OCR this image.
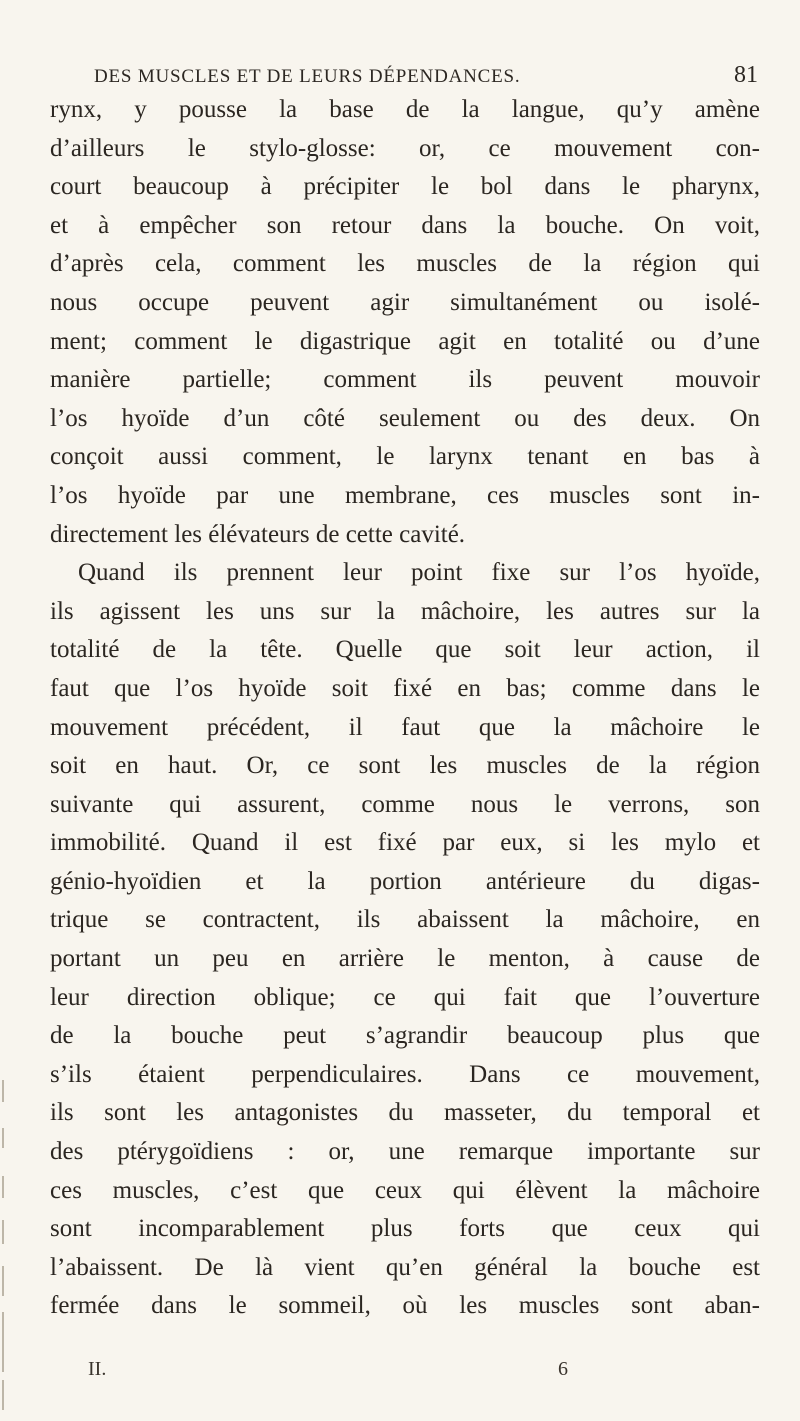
DES MUSCLES ET DE LEURS DÉPENDANCES.	81
rynx, y pousse la base de la langue, qu’y amène
d’ailleurs le stylo-glosse: or, ce mouvement con-
court beaucoup à précipiter le bol dans le pharynx,
et à empêcher son retour dans la bouche. On voit,
d’après cela, comment les muscles de la région qui
nous occupe peuvent agir simultanément ou isolé-
ment; comment le digastrique agit en totalité ou d’une
manière partielle; comment ils peuvent mouvoir
l’os hyoïde d’un côté seulement ou des deux. On
conçoit aussi comment, le larynx tenant en bas à
l’os hyoïde par une membrane, ces muscles sont in-
directement les élévateurs de cette cavité.
Quand ils prennent leur point fixe sur l’os hyoïde,
ils agissent les uns sur la mâchoire, les autres sur la
totalité de la tête. Quelle que soit leur action, il
faut que l’os hyoïde soit fixé en bas; comme dans le
mouvement précédent, il faut que la mâchoire le
soit en haut. Or, ce sont les muscles de la région
suivante qui assurent, comme nous le verrons, son
immobilité. Quand il est fixé par eux, si les mylo et
génio-hyoïdien et la portion antérieure du digas-
trique se contractent, ils abaissent la mâchoire, en
portant un peu en arrière le menton, à cause de
leur direction oblique; ce qui fait que l’ouverture
de la bouche peut s’agrandir beaucoup plus que
s’ils étaient perpendiculaires. Dans ce mouvement,
ils sont les antagonistes du masseter, du temporal et
des ptérygoïdiens : or, une remarque importante sur
ces muscles, c’est que ceux qui élèvent la mâchoire
sont incomparablement plus forts que ceux qui
l’abaissent. De là vient qu’en général la bouche est
fermée dans le sommeil, où les muscles sont aban-
II.	6
